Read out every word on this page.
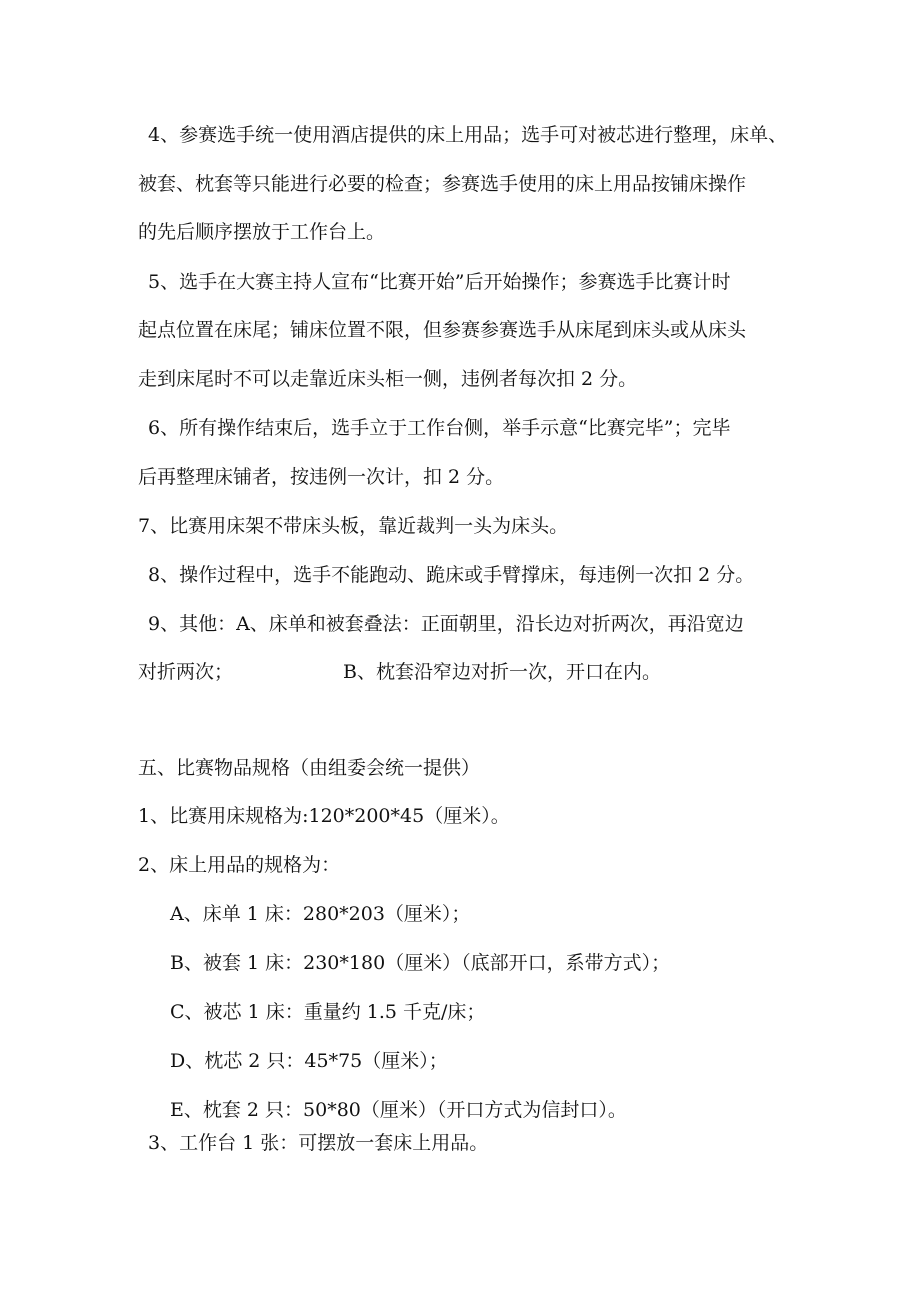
4、参赛选手统一使用酒店提供的床上用品；选手可对被芯进行整理，床单、
被套、枕套等只能进行必要的检查；参赛选手使用的床上用品按铺床操作
的先后顺序摆放于工作台上。
5、选手在大赛主持人宣布“比赛开始”后开始操作；参赛选手比赛计时
起点位置在床尾；铺床位置不限，但参赛参赛选手从床尾到床头或从床头
走到床尾时不可以走靠近床头柜一侧，违例者每次扣 2 分。
6、所有操作结束后，选手立于工作台侧，举手示意“比赛完毕”；完毕
后再整理床铺者，按违例一次计，扣 2 分。
7、比赛用床架不带床头板，靠近裁判一头为床头。
8、操作过程中，选手不能跑动、跪床或手臂撑床，每违例一次扣 2 分。
9、其他：A、床单和被套叠法：正面朝里，沿长边对折两次，再沿宽边
对折两次；	B、枕套沿窄边对折一次，开口在内。
五、比赛物品规格（由组委会统一提供）
1、比赛用床规格为:120*200*45（厘米）。
2、床上用品的规格为：
A、床单 1 床：280*203（厘米）；
B、被套 1 床：230*180（厘米）（底部开口，系带方式）；
C、被芯 1 床：重量约 1.5 千克/床；
D、枕芯 2 只：45*75（厘米）；
E、枕套 2 只：50*80（厘米）（开口方式为信封口）。
3、工作台 1 张：可摆放一套床上用品。
